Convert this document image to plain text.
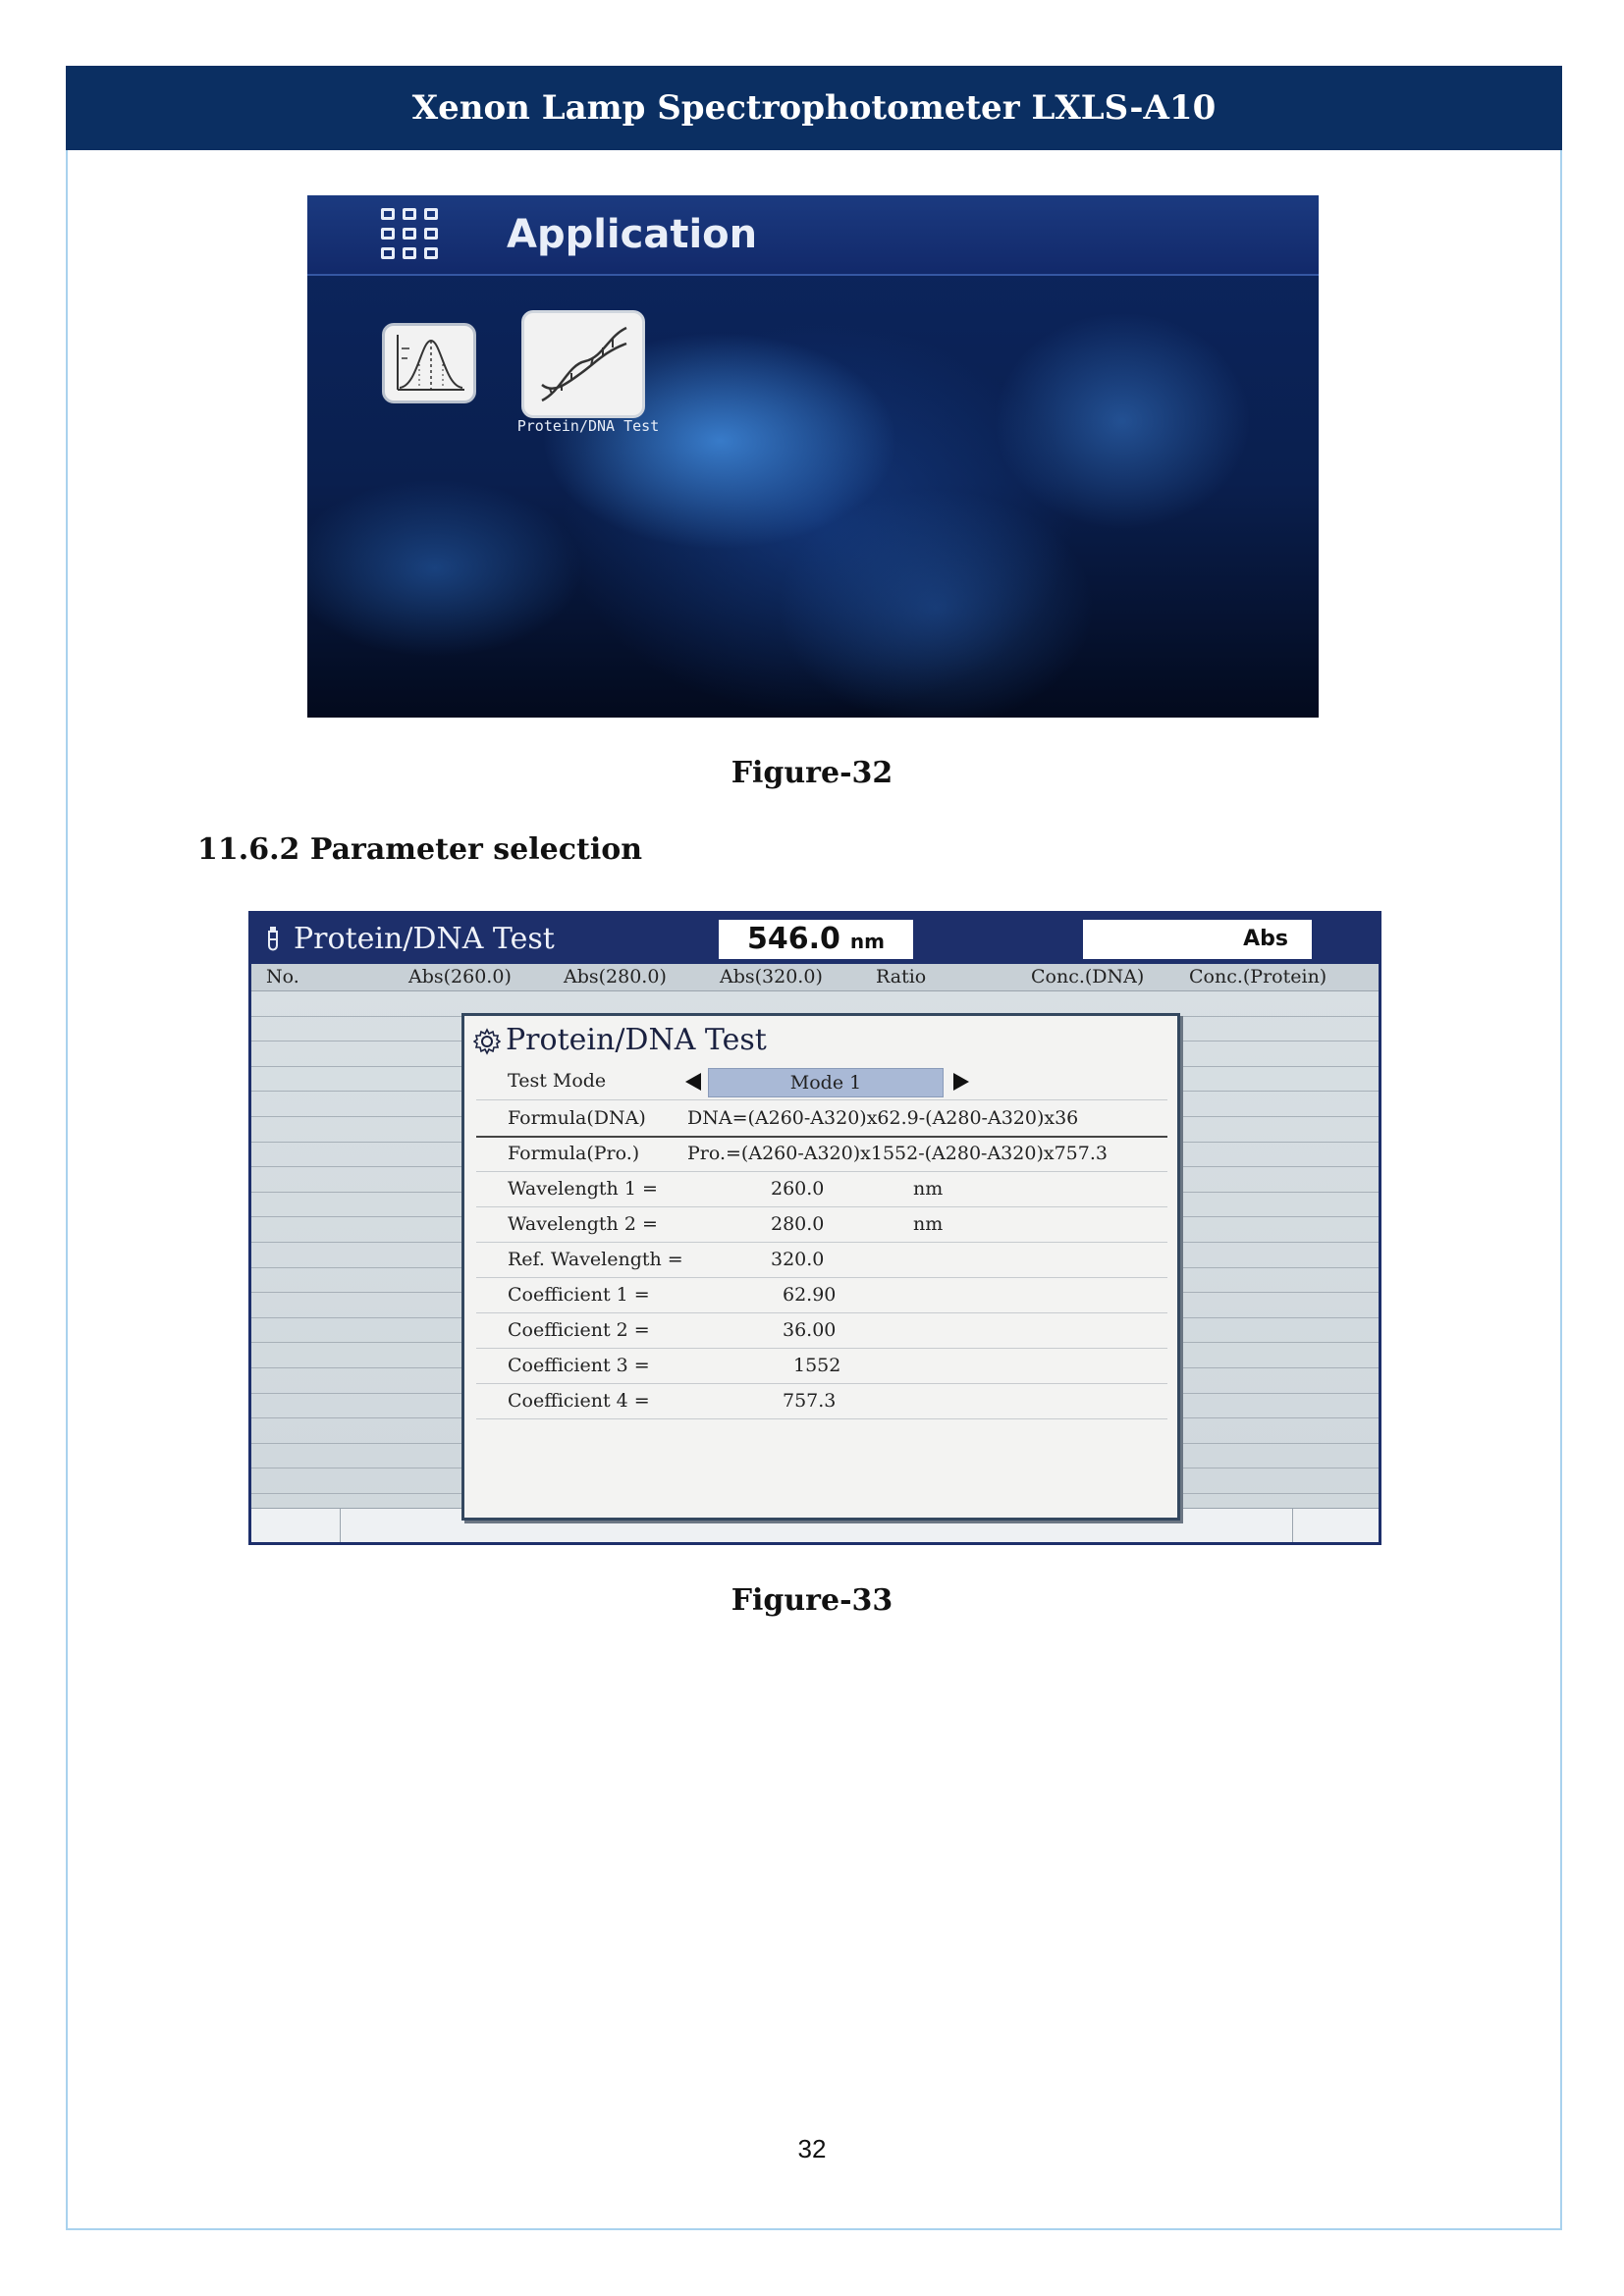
Xenon Lamp Spectrophotometer LXLS-A10
Application
Protein/DNA Test
Figure-32
11.6.2 Parameter selection
Protein/DNA Test	546.0 nm	Abs
No.	Abs(260.0)	Abs(280.0)	Abs(320.0)	Ratio	Conc.(DNA) Conc.(Protein)
Protein/DNA Test
Test Mode	Mode 1
Formula(DNA) DNA=(A260-A320)x62.9-(A280-A320)x36
Formula(Pro.)	Pro.=(A260-A320)x1552-(A280-A320)x757.3
Wavelength 1 =	260.0	nm
Wavelength 2 =	280.0	nm
Ref. Wavelength =	320.0
Coefficient 1 =	62.90
Coefficient 2 =	36.00
Coefficient 3 =	1552
Coefficient 4 =	757.3
Figure-33
32
